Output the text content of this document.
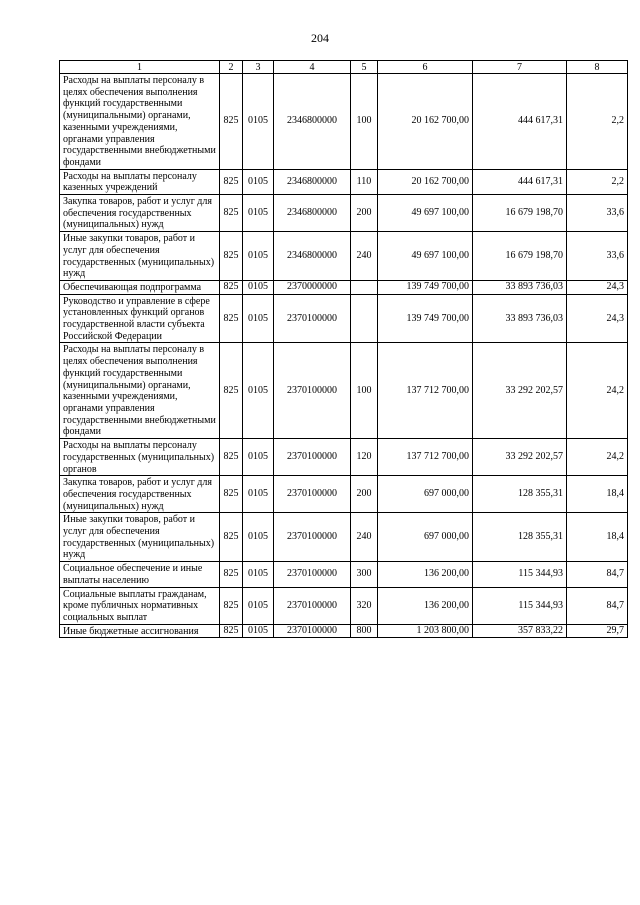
204
1	2	3	4	5	6	7	8
Расходы на выплаты персоналу в целях обеспечения выполнения функций государственными (муниципальными) органами, казенными учреждениями, органами управления государственными внебюджетными фондами	825	0105	2346800000	100	20 162 700,00	444 617,31	2,2
Расходы на выплаты персоналу казенных учреждений	825	0105	2346800000	110	20 162 700,00	444 617,31	2,2
Закупка товаров, работ и услуг для обеспечения государственных (муниципальных) нужд	825	0105	2346800000	200	49 697 100,00	16 679 198,70	33,6
Иные закупки товаров, работ и услуг для обеспечения государственных (муниципальных) нужд	825	0105	2346800000	240	49 697 100,00	16 679 198,70	33,6
Обеспечивающая подпрограмма	825	0105	2370000000		139 749 700,00	33 893 736,03	24,3
Руководство и управление в сфере установленных функций органов государственной власти субъекта Российской Федерации	825	0105	2370100000		139 749 700,00	33 893 736,03	24,3
Расходы на выплаты персоналу в целях обеспечения выполнения функций государственными (муниципальными) органами, казенными учреждениями, органами управления государственными внебюджетными фондами	825	0105	2370100000	100	137 712 700,00	33 292 202,57	24,2
Расходы на выплаты персоналу государственных (муниципальных) органов	825	0105	2370100000	120	137 712 700,00	33 292 202,57	24,2
Закупка товаров, работ и услуг для обеспечения государственных (муниципальных) нужд	825	0105	2370100000	200	697 000,00	128 355,31	18,4
Иные закупки товаров, работ и услуг для обеспечения государственных (муниципальных) нужд	825	0105	2370100000	240	697 000,00	128 355,31	18,4
Социальное обеспечение и иные выплаты населению	825	0105	2370100000	300	136 200,00	115 344,93	84,7
Социальные выплаты гражданам, кроме публичных нормативных социальных выплат	825	0105	2370100000	320	136 200,00	115 344,93	84,7
Иные бюджетные ассигнования	825	0105	2370100000	800	1 203 800,00	357 833,22	29,7
